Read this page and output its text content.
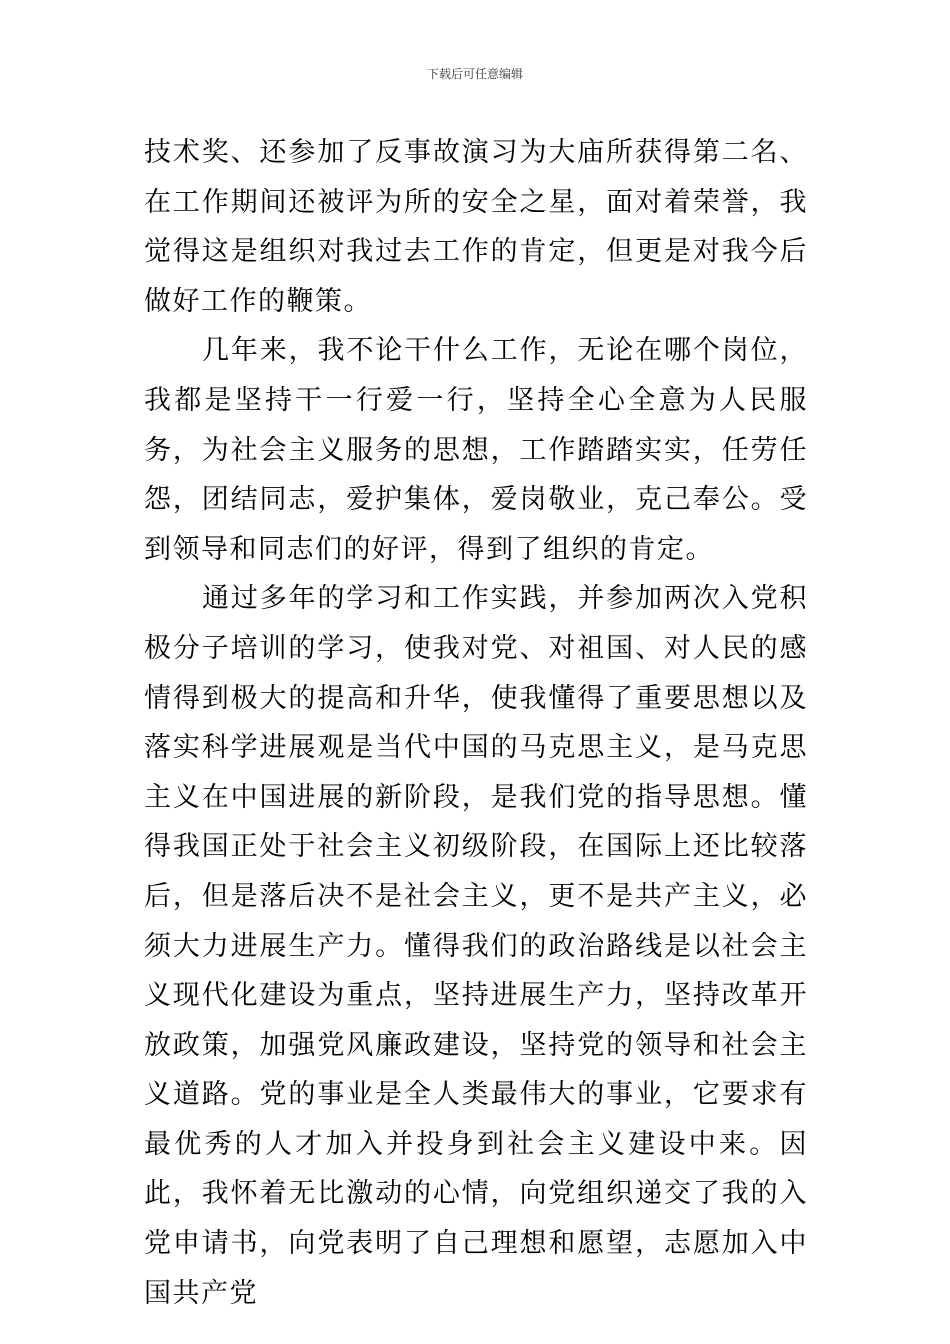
下载后可任意编辑

技术奖、还参加了反事故演习为大庙所获得第二名、在工作期间还被评为所的安全之星，面对着荣誉，我觉得这是组织对我过去工作的肯定，但更是对我今后做好工作的鞭策。

几年来，我不论干什么工作，无论在哪个岗位，我都是坚持干一行爱一行，坚持全心全意为人民服务，为社会主义服务的思想，工作踏踏实实，任劳任怨，团结同志，爱护集体，爱岗敬业，克己奉公。受到领导和同志们的好评，得到了组织的肯定。

通过多年的学习和工作实践，并参加两次入党积极分子培训的学习，使我对党、对祖国、对人民的感情得到极大的提高和升华，使我懂得了重要思想以及落实科学进展观是当代中国的马克思主义，是马克思主义在中国进展的新阶段，是我们党的指导思想。懂得我国正处于社会主义初级阶段，在国际上还比较落后，但是落后决不是社会主义，更不是共产主义，必须大力进展生产力。懂得我们的政治路线是以社会主义现代化建设为重点，坚持进展生产力，坚持改革开放政策，加强党风廉政建设，坚持党的领导和社会主义道路。党的事业是全人类最伟大的事业，它要求有最优秀的人才加入并投身到社会主义建设中来。因此，我怀着无比激动的心情，向党组织递交了我的入党申请书，向党表明了自己理想和愿望，志愿加入中国共产党
